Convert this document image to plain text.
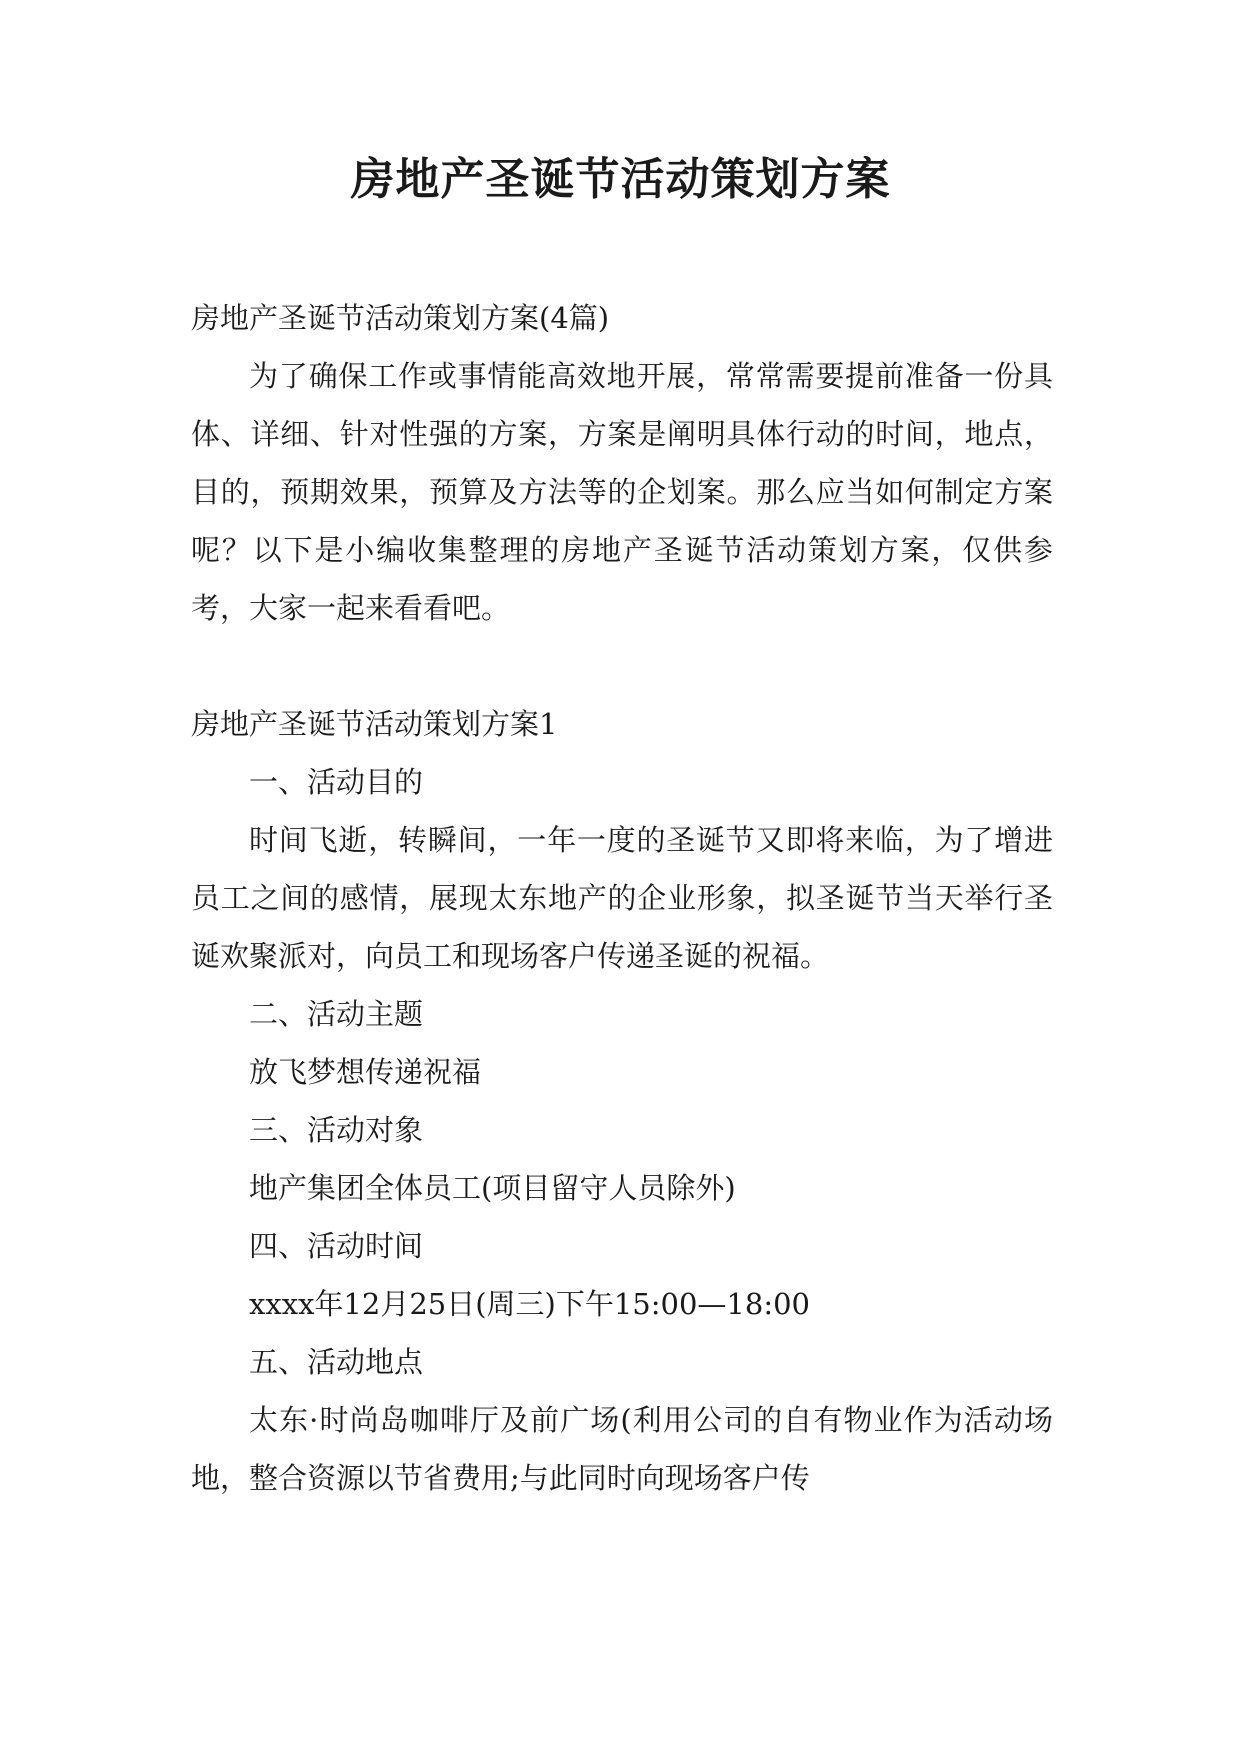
房地产圣诞节活动策划方案

房地产圣诞节活动策划方案(4篇)

为了确保工作或事情能高效地开展，常常需要提前准备一份具体、详细、针对性强的方案，方案是阐明具体行动的时间，地点，目的，预期效果，预算及方法等的企划案。那么应当如何制定方案呢？以下是小编收集整理的房地产圣诞节活动策划方案，仅供参考，大家一起来看看吧。

房地产圣诞节活动策划方案1

一、活动目的

时间飞逝，转瞬间，一年一度的圣诞节又即将来临，为了增进员工之间的感情，展现太东地产的企业形象，拟圣诞节当天举行圣诞欢聚派对，向员工和现场客户传递圣诞的祝福。

二、活动主题

放飞梦想传递祝福

三、活动对象

地产集团全体员工(项目留守人员除外)

四、活动时间

xxxx年12月25日(周三)下午15:00—18:00

五、活动地点

太东·时尚岛咖啡厅及前广场(利用公司的自有物业作为活动场地，整合资源以节省费用;与此同时向现场客户传
